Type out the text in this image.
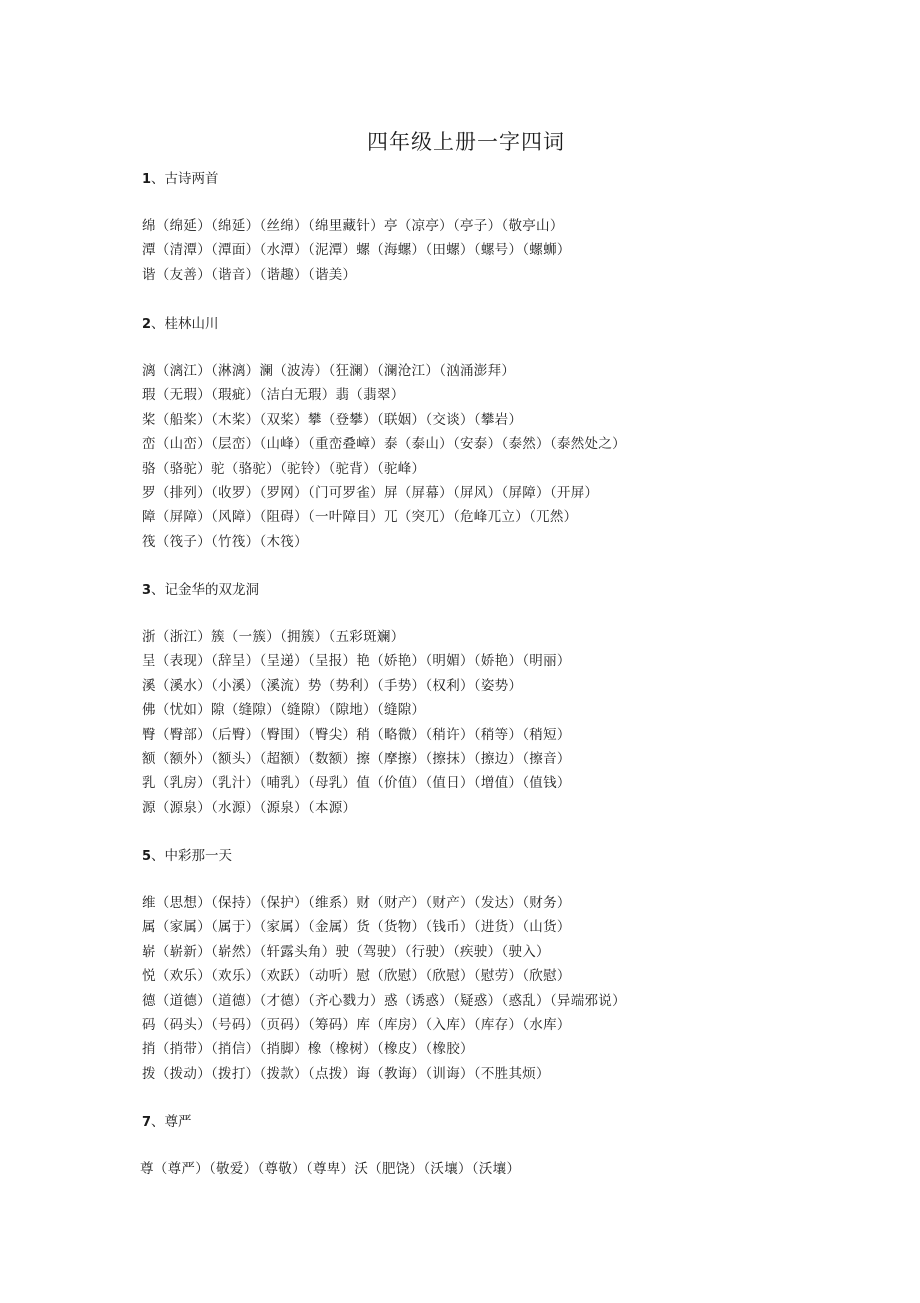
四年级上册一字四词
1、古诗两首
绵（绵延）（绵延）（丝绵）（绵里藏针）亭（凉亭）（亭子）（敬亭山）
潭（清潭）（潭面）（水潭）（泥潭）螺（海螺）（田螺）（螺号）（螺蛳）
谐（友善）（谐音）（谐趣）（谐美）
2、桂林山川
漓（漓江）（淋漓）澜（波涛）（狂澜）（澜沧江）（汹涌澎拜）
瑕（无瑕）（瑕疵）（洁白无瑕）翡（翡翠）
桨（船桨）（木桨）（双桨）攀（登攀）（联姻）（交谈）（攀岩）
峦（山峦）（层峦）（山峰）（重峦叠嶂）泰（泰山）（安泰）（泰然）（泰然处之）
骆（骆驼）驼（骆驼）（驼铃）（驼背）（驼峰）
罗（排列）（收罗）（罗网）（门可罗雀）屏（屏幕）（屏风）（屏障）（开屏）
障（屏障）（风障）（阻碍）（一叶障目）兀（突兀）（危峰兀立）（兀然）
筏（筏子）（竹筏）（木筏）
3、记金华的双龙洞
浙（浙江）簇（一簇）（拥簇）（五彩斑斓）
呈（表现）（辞呈）（呈递）（呈报）艳（娇艳）（明媚）（娇艳）（明丽）
溪（溪水）（小溪）（溪流）势（势利）（手势）（权利）（姿势）
佛（忧如）隙（缝隙）（缝隙）（隙地）（缝隙）
臀（臀部）（后臀）（臀围）（臀尖）稍（略微）（稍许）（稍等）（稍短）
额（额外）（额头）（超额）（数额）擦（摩擦）（擦抹）（擦边）（擦音）
乳（乳房）（乳汁）（哺乳）（母乳）值（价值）（值日）（增值）（值钱）
源（源泉）（水源）（源泉）（本源）
5、中彩那一天
维（思想）（保持）（保护）（维系）财（财产）（财产）（发达）（财务）
属（家属）（属于）（家属）（金属）货（货物）（钱币）（进货）（山货）
崭（崭新）（崭然）（轩露头角）驶（驾驶）（行驶）（疾驶）（驶入）
悦（欢乐）（欢乐）（欢跃）（动听）慰（欣慰）（欣慰）（慰劳）（欣慰）
德（道德）（道德）（才德）（齐心戮力）惑（诱惑）（疑惑）（惑乱）（异端邪说）
码（码头）（号码）（页码）（筹码）库（库房）（入库）（库存）（水库）
捎（捎带）（捎信）（捎脚）橡（橡树）（橡皮）（橡胶）
拨（拨动）（拨打）（拨款）（点拨）诲（教诲）（训诲）（不胜其烦）
7、尊严
尊（尊严）（敬爱）（尊敬）（尊卑）沃（肥饶）（沃壤）（沃壤）
